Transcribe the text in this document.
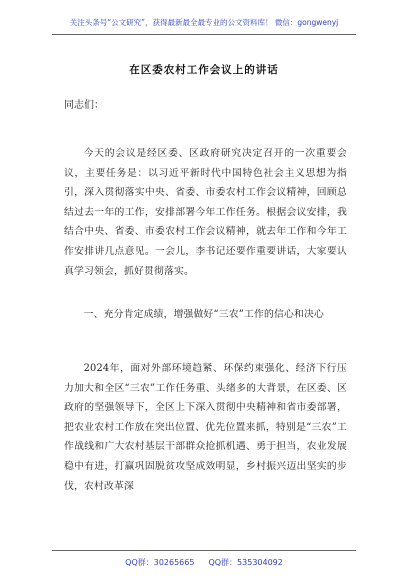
关注头条号“公文研究”，获得最新最全最专业的公文资料库！ 微信：gongwenyj
在区委农村工作会议上的讲话
同志们：
今天的会议是经区委、区政府研究决定召开的一次重要会议，主要任务是：以习近平新时代中国特色社会主义思想为指引，深入贯彻落实中央、省委、市委农村工作会议精神，回顾总结过去一年的工作，安排部署今年工作任务。根据会议安排，我结合中央、省委、市委农村工作会议精神，就去年工作和今年工作安排讲几点意见。一会儿，李书记还要作重要讲话，大家要认真学习领会，抓好贯彻落实。
一、充分肯定成绩，增强做好“三农”工作的信心和决心
2024年，面对外部环境趋紧、环保约束强化、经济下行压力加大和全区“三农”工作任务重、头绪多的大背景，在区委、区政府的坚强领导下，全区上下深入贯彻中央精神和省市委部署，把农业农村工作放在突出位置、优先位置来抓，特别是“三农”工作战线和广大农村基层干部群众抢抓机遇、勇于担当，农业发展稳中有进，打赢巩固脱贫攻坚成效明显，乡村振兴迈出坚实的步伐，农村改革深
QQ群：30265665 QQ群：535304092
